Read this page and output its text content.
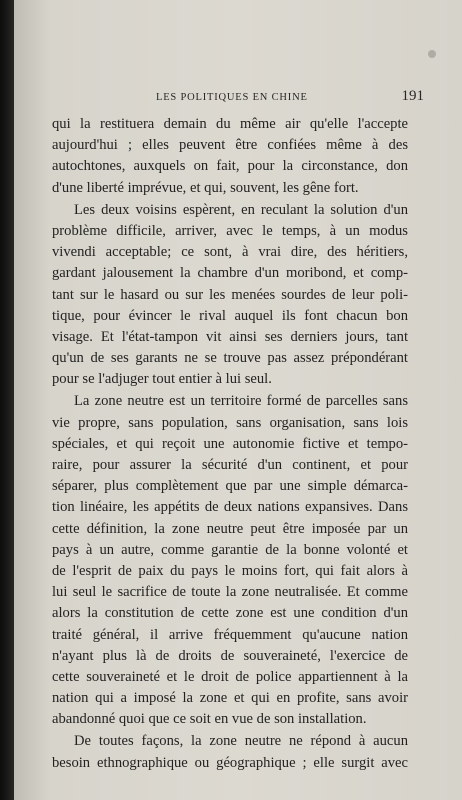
LES POLITIQUES EN CHINE	191
qui la restituera demain du même air qu'elle l'accepte
aujourd'hui ; elles peuvent être confiées même à des
autochtones, auxquels on fait, pour la circonstance, don
d'une liberté imprévue, et qui, souvent, les gêne fort.
Les deux voisins espèrent, en reculant la solution d'un
problème difficile, arriver, avec le temps, à un modus
vivendi acceptable; ce sont, à vrai dire, des héritiers,
gardant jalousement la chambre d'un moribond, et comp-
tant sur le hasard ou sur les menées sourdes de leur poli-
tique, pour évincer le rival auquel ils font chacun bon
visage. Et l'état-tampon vit ainsi ses derniers jours, tant
qu'un de ses garants ne se trouve pas assez prépondérant
pour se l'adjuger tout entier à lui seul.
La zone neutre est un territoire formé de parcelles sans
vie propre, sans population, sans organisation, sans lois
spéciales, et qui reçoit une autonomie fictive et tempo-
raire, pour assurer la sécurité d'un continent, et pour
séparer, plus complètement que par une simple démarca-
tion linéaire, les appétits de deux nations expansives. Dans
cette définition, la zone neutre peut être imposée par un
pays à un autre, comme garantie de la bonne volonté et
de l'esprit de paix du pays le moins fort, qui fait alors à
lui seul le sacrifice de toute la zone neutralisée. Et comme
alors la constitution de cette zone est une condition d'un
traité général, il arrive fréquemment qu'aucune nation
n'ayant plus là de droits de souveraineté, l'exercice de
cette souveraineté et le droit de police appartiennent à la
nation qui a imposé la zone et qui en profite, sans avoir
abandonné quoi que ce soit en vue de son installation.
De toutes façons, la zone neutre ne répond à aucun
besoin ethnographique ou géographique ; elle surgit avec
